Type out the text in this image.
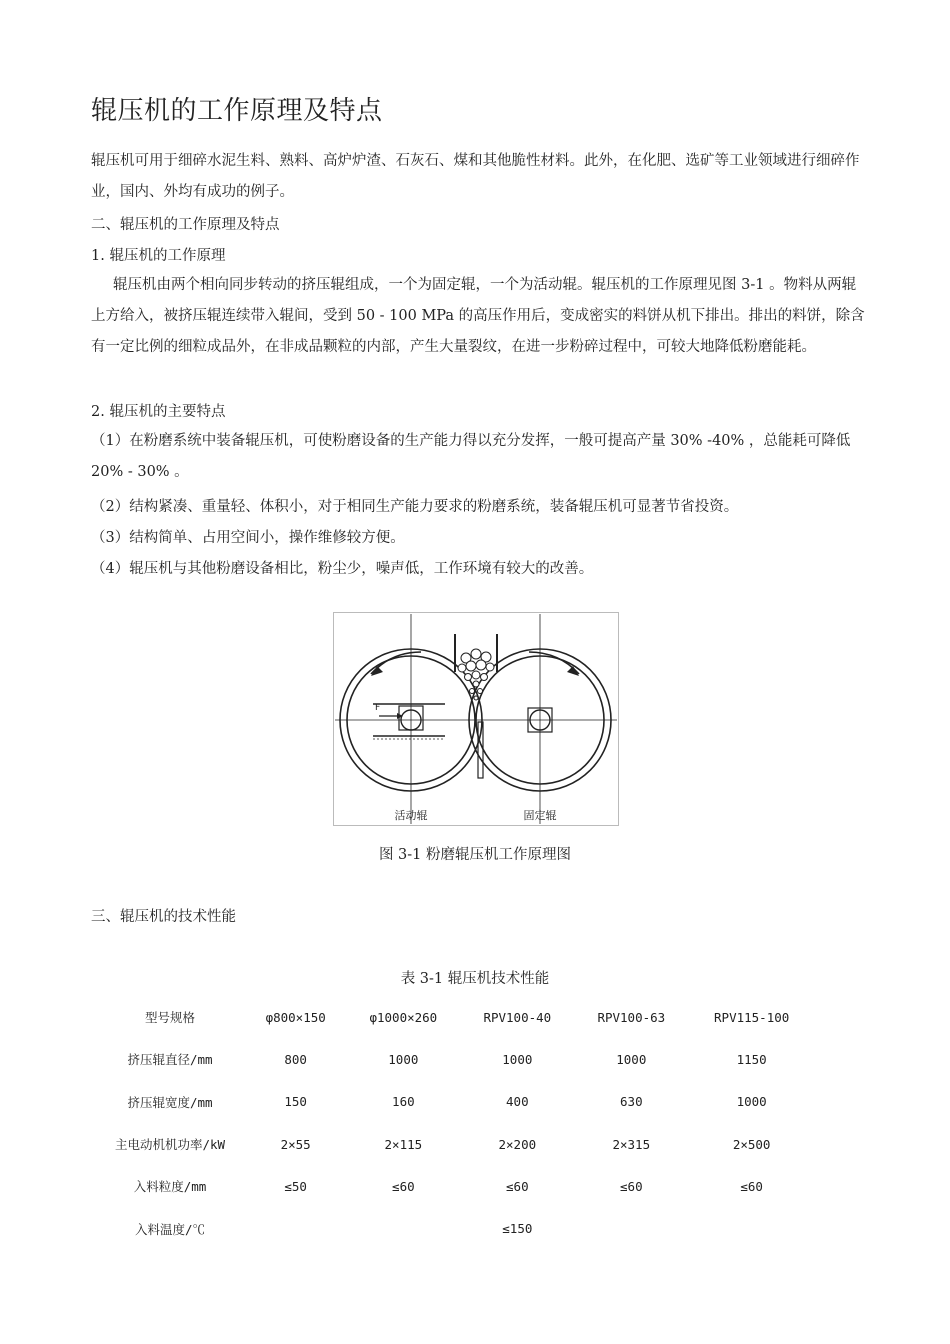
辊压机的工作原理及特点

辊压机可用于细碎水泥生料、熟料、高炉炉渣、石灰石、煤和其他脆性材料。此外，在化肥、选矿等工业领域进行细碎作业，国内、外均有成功的例子。

二、辊压机的工作原理及特点

1. 辊压机的工作原理

辊压机由两个相向同步转动的挤压辊组成，一个为固定辊，一个为活动辊。辊压机的工作原理见图 3-1 。物料从两辊上方给入，被挤压辊连续带入辊间，受到 50 - 100 MPa 的高压作用后，变成密实的料饼从机下排出。排出的料饼，除含有一定比例的细粒成品外，在非成品颗粒的内部，产生大量裂纹，在进一步粉碎过程中，可较大地降低粉磨能耗。

2. 辊压机的主要特点

（1）在粉磨系统中装备辊压机，可使粉磨设备的生产能力得以充分发挥，一般可提高产量 30% -40% ，总能耗可降低 20% - 30% 。

（2）结构紧凑、重量轻、体积小，对于相同生产能力要求的粉磨系统，装备辊压机可显著节省投资。

（3）结构简单、占用空间小，操作维修较方便。

（4）辊压机与其他粉磨设备相比，粉尘少，噪声低，工作环境有较大的改善。

F
活动辊	固定辊
图 3-1 粉磨辊压机工作原理图

三、辊压机的技术性能

表 3-1 辊压机技术性能
型号规格	φ800×150	φ1000×260	RPV100-40	RPV100-63	RPV115-100
挤压辊直径/mm	800	1000	1000	1000	1150
挤压辊宽度/mm	150	160	400	630	1000
主电动机机功率/kW	2×55	2×115	2×200	2×315	2×500
入料粒度/mm	≤50	≤60	≤60	≤60	≤60
入料温度/℃			≤150		
